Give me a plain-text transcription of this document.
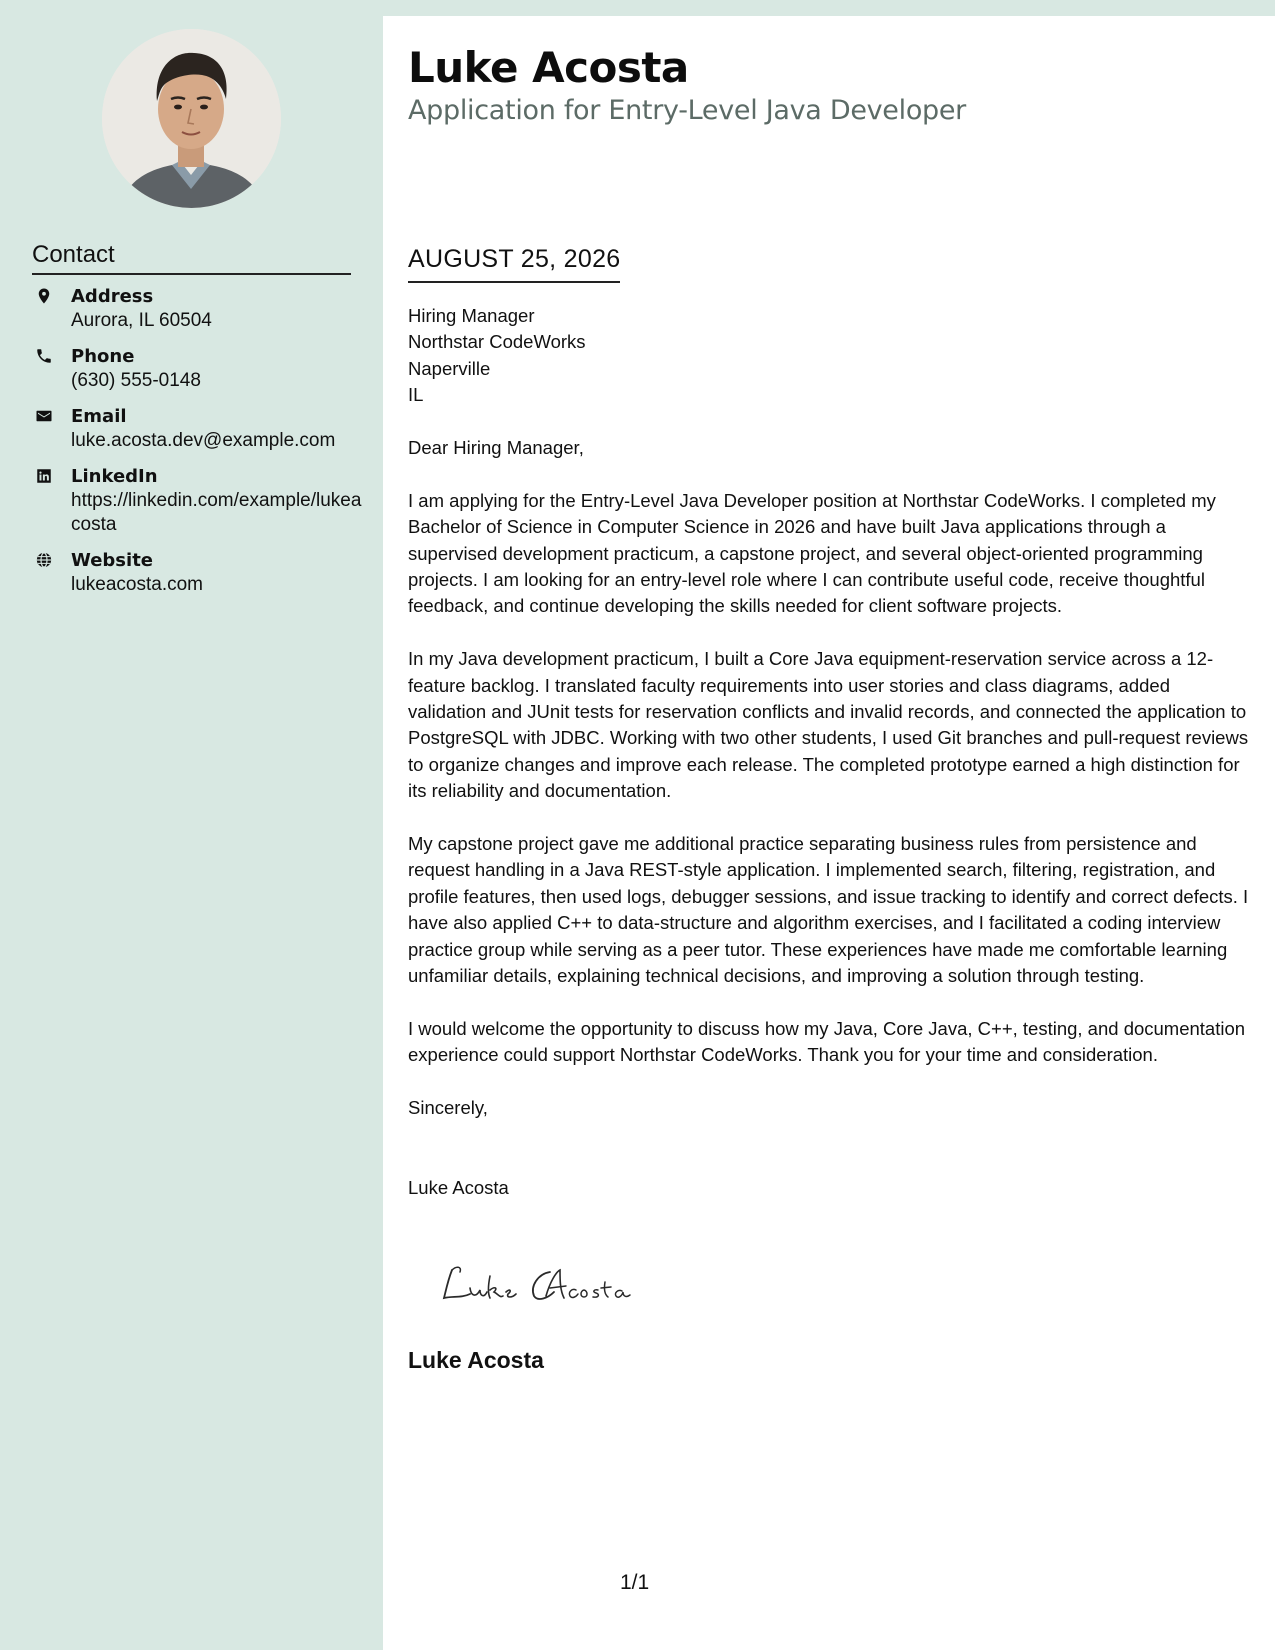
Contact
Address
Aurora, IL 60504
Phone
(630) 555-0148
Email
luke.acosta.dev@example.com
LinkedIn
https://linkedin.com/example/lukeacosta
Website
lukeacosta.com
Luke Acosta
Application for Entry-Level Java Developer
AUGUST 25, 2026

Hiring Manager
Northstar CodeWorks
Naperville
IL

Dear Hiring Manager,

I am applying for the Entry-Level Java Developer position at Northstar CodeWorks. I completed my Bachelor of Science in Computer Science in 2026 and have built Java applications through a supervised development practicum, a capstone project, and several object-oriented programming projects. I am looking for an entry-level role where I can contribute useful code, receive thoughtful feedback, and continue developing the skills needed for client software projects.

In my Java development practicum, I built a Core Java equipment-reservation service across a 12-feature backlog. I translated faculty requirements into user stories and class diagrams, added validation and JUnit tests for reservation conflicts and invalid records, and connected the application to PostgreSQL with JDBC. Working with two other students, I used Git branches and pull-request reviews to organize changes and improve each release. The completed prototype earned a high distinction for its reliability and documentation.

My capstone project gave me additional practice separating business rules from persistence and request handling in a Java REST-style application. I implemented search, filtering, registration, and profile features, then used logs, debugger sessions, and issue tracking to identify and correct defects. I have also applied C++ to data-structure and algorithm exercises, and I facilitated a coding interview practice group while serving as a peer tutor. These experiences have made me comfortable learning unfamiliar details, explaining technical decisions, and improving a solution through testing.

I would welcome the opportunity to discuss how my Java, Core Java, C++, testing, and documentation experience could support Northstar CodeWorks. Thank you for your time and consideration.

Sincerely,

Luke Acosta

Luke Acosta
1/1
